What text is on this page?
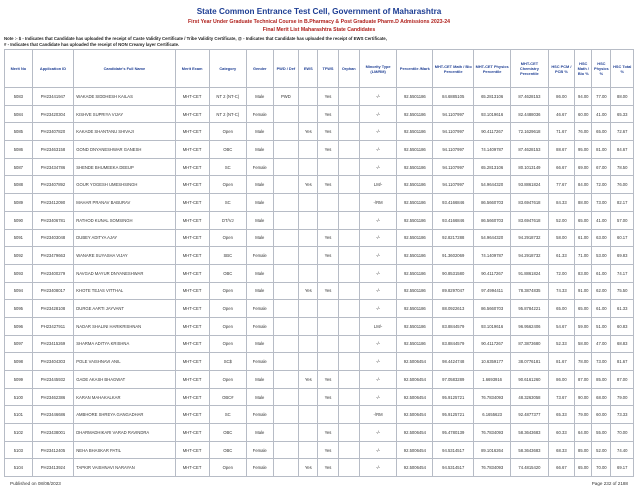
State Common Entrance Test Cell, Government of Maharashtra
First Year Under Graduate Technical Course in B.Pharmacy & Post Graduate Pharm.D Admissions 2023-24
Final Merit List Maharashtra State Candidates
Note :- $ - Indicates that Candidate has uploaded the receipt of Caste Validity Certificate / Tribe Validity Certificate, @ - Indicates that Candidate has uploaded the receipt of EWS Certificate,
# - Indicates that Candidate has uploaded the receipt of NON Creamy layer Certificate.
Merit No	Application ID	Candidate's Full Name	Merit Exam	Category	Gender	PWD / Def	EWS	TFWS	Orphan	Minority Type (LM/RM)	Percentile /Mark	MHT-CET Math / Bio Percentile	MHT-CET Physics Percentile	MHT-CET Chemistry Percentile	HSC PCM / PCB %	HSC Math / Bio %	HSC Physics %	HSC Total %
5083	PH23441947	WAKADE SIDDHESH KAILAS	MHT-CET	NT 2 (NT-C)	Male	PWD		Yes		-/-	92.5501186	84.6885105	65.2813106	87.4628153	86.00	94.00	77.00	88.00
5084	PH23420304	KISHVE SUPRIYA VIJAY	MHT-CET	NT 2 (NT-C)	Female			Yes		-/-	92.5501186	94.1107997	93.1019616	82.4488036	46.67	60.00	41.00	65.33
5085	PH23407820	KAKADE SHANTANU SHIVAJI	MHT-CET	Open	Male		Yes	Yes		-/-	92.5501186	94.1107997	90.4117267	72.1629618	71.67	76.00	65.00	72.67
5086	PH23463158	GOND DNYANESHWAR GANESH	MHT-CET	OBC	Male			Yes		-/-	92.5501186	94.1107997	74.1409787	87.4628153	88.67	95.00	81.00	84.67
5087	PH23434786	SHENDE BHUMEEKA DEEUP	MHT-CET	SC	Female					-/-	92.5501186	94.1107997	65.2813106	80.1013149	66.67	69.00	67.00	78.50
5088	PH23407892	GOUR YOGESH UMESHSINGH	MHT-CET	Open	Male		Yes	Yes		LM/-	92.5501186	94.1107997	54.9644320	93.8861824	77.67	84.00	72.00	76.00
5089	PH23412090	MAHAR PRANAV BABURAV	MHT-CET	SC	Male					-/RM	92.5501186	93.4166846	86.5660703	83.6947618	84.33	88.00	73.00	82.17
5090	PH23406781	RATHOD KUNAL SOMSINGH	MHT-CET	DT/VJ	Male					-/-	92.5501186	93.4166846	86.5660703	83.6947618	52.00	65.00	41.00	57.00
5091	PH23403048	DUBEY ADITYA AJAY	MHT-CET	Open	Male			Yes		-/-	92.5501186	92.8217288	54.9644320	94.2918732	58.00	61.00	63.00	60.17
5092	PH23479663	WANARE SUYASHA VIJAY	MHT-CET	SBC	Female			Yes		-/-	92.5501186	91.3602069	74.1409787	94.2918732	61.33	71.00	53.00	69.83
5093	PH23400279	NAVGAD MAYUR DNYANESHWAR	MHT-CET	OBC	Male					-/-	92.5501186	90.8531580	90.4117267	91.8861824	72.00	83.00	61.00	74.17
5094	PH23408017	KHOTE TEJAS VITTHAL	MHT-CET	Open	Male		Yes	Yes		-/-	92.5501186	89.8297047	97.4994411	78.3874835	74.33	91.00	62.00	75.50
5095	PH23428108	DURGE AARTI JAYVANT	MHT-CET	Open	Female					-/-	92.5501186	88.0922613	86.5660703	95.8784221	65.00	65.00	61.00	61.33
5096	PH23427911	NADAR SHALINI HARIKRISHNAN	MHT-CET	Open	Female					LM/-	92.5501186	83.8844579	93.1019616	96.9562406	54.67	59.00	51.00	60.83
5097	PH23415269	SHARMA ADITYA KRISHNA	MHT-CET	Open	Male					-/-	92.5501186	83.8844579	90.4117267	87.3873680	52.33	58.00	47.00	68.83
5098	PH23404303	POLE VAISHNAVI ANIL	MHT-CET	SC$	Female					-/-	92.5006454	98.4424748	10.6359177	38.0776181	81.67	78.00	73.00	81.67
5099	PH23445932	GADE AKASH BHAGWAT	MHT-CET	Open	Male		Yes	Yes		-/-	92.5006454	97.0583289	1.6693916	90.6161260	86.00	87.00	85.00	87.00
5100	PH23462386	KARAN MAHAKALKAR	MHT-CET	OBC#	Male			Yes		-/-	92.5006454	95.9125721	76.7834093	48.3263058	73.67	90.00	68.00	79.00
5101	PH23446686	AMBHORE SHREYA GANGADHAR	MHT-CET	SC	Female					-/RM	92.5006454	95.9125721	6.1655623	92.4877377	65.33	79.00	60.00	73.33
5102	PH23438001	DHARMADHIKARI VARAD RAVINDRA	MHT-CET	OBC	Male			Yes		-/-	92.5006454	95.4780139	76.7834093	58.3643683	60.33	64.00	55.00	70.00
5103	PH23412405	NEHA BHASKAR PATIL	MHT-CET	OBC	Female			Yes		-/-	92.5006454	94.5314517	89.1016264	58.3643683	68.33	85.00	52.00	74.40
5104	PH23413924	TAPKIR VAISHNAVI NARAYAN	MHT-CET	Open	Female		Yes	Yes		-/-	92.5006454	94.5314517	76.7834093	74.4815420	66.67	65.00	70.00	69.17
Published on 08/08/2023	Page 232 of 2188
